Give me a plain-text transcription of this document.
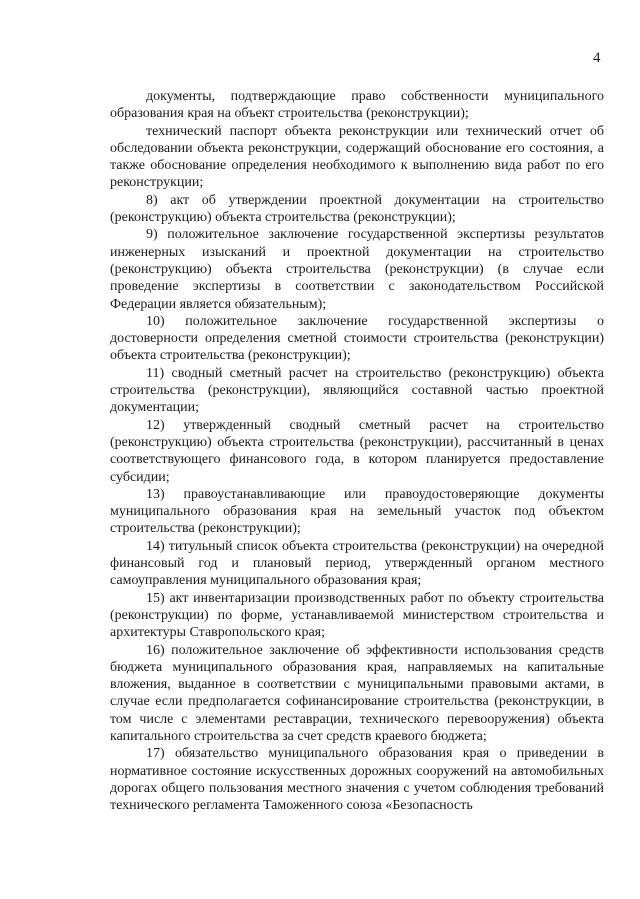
4

документы, подтверждающие право собственности муниципального образования края на объект строительства (реконструкции);

технический паспорт объекта реконструкции или технический отчет об обследовании объекта реконструкции, содержащий обоснование его состояния, а также обоснование определения необходимого к выполнению вида работ по его реконструкции;

8) акт об утверждении проектной документации на строительство (реконструкцию) объекта строительства (реконструкции);

9) положительное заключение государственной экспертизы результатов инженерных изысканий и проектной документации на строительство (реконструкцию) объекта строительства (реконструкции) (в случае если проведение экспертизы в соответствии с законодательством Российской Федерации является обязательным);

10) положительное заключение государственной экспертизы о достоверности определения сметной стоимости строительства (реконструкции) объекта строительства (реконструкции);

11) сводный сметный расчет на строительство (реконструкцию) объекта строительства (реконструкции), являющийся составной частью проектной документации;

12) утвержденный сводный сметный расчет на строительство (реконструкцию) объекта строительства (реконструкции), рассчитанный в ценах соответствующего финансового года, в котором планируется предоставление субсидии;

13) правоустанавливающие или правоудостоверяющие документы муниципального образования края на земельный участок под объектом строительства (реконструкции);

14) титульный список объекта строительства (реконструкции) на очередной финансовый год и плановый период, утвержденный органом местного самоуправления муниципального образования края;

15) акт инвентаризации производственных работ по объекту строительства (реконструкции) по форме, устанавливаемой министерством строительства и архитектуры Ставропольского края;

16) положительное заключение об эффективности использования средств бюджета муниципального образования края, направляемых на капитальные вложения, выданное в соответствии с муниципальными правовыми актами, в случае если предполагается софинансирование строительства (реконструкции, в том числе с элементами реставрации, технического перевооружения) объекта капитального строительства за счет средств краевого бюджета;

17) обязательство муниципального образования края о приведении в нормативное состояние искусственных дорожных сооружений на автомобильных дорогах общего пользования местного значения с учетом соблюдения требований технического регламента Таможенного союза «Безопасность
